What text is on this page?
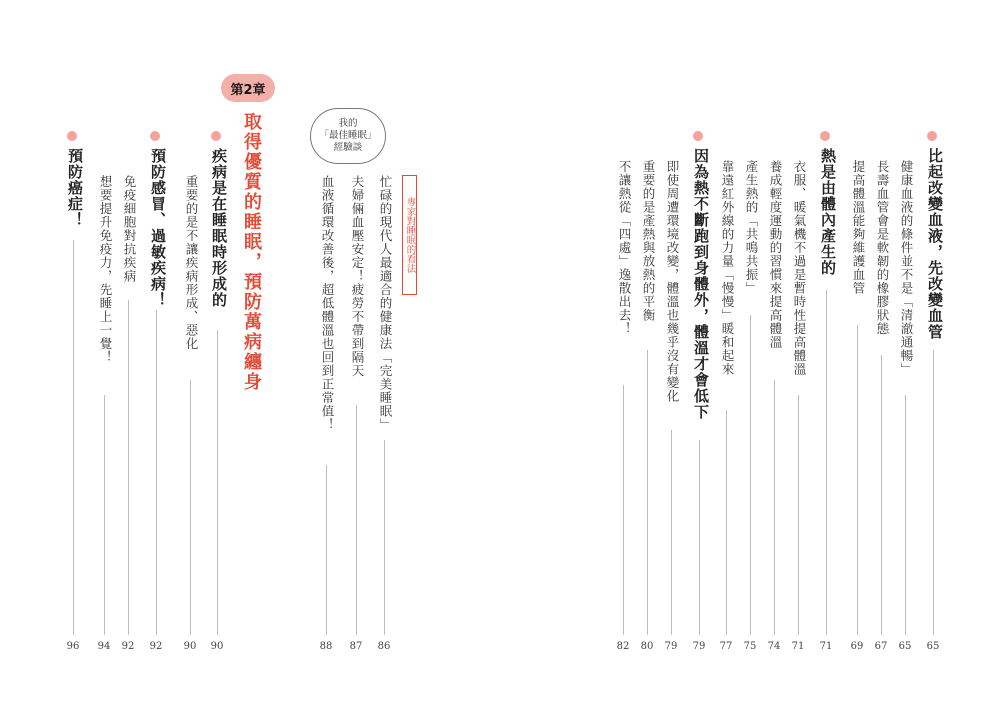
比起改變血液，先改變血管
65
健康血液的條件並不是「清澈通暢」
65
長壽血管會是軟韌的橡膠狀態
67
提高體溫能夠維護血管
69
熱是由體內產生的
71
衣服、暖氣機不過是暫時性提高體溫
71
養成輕度運動的習慣來提高體溫
74
產生熱的「共鳴共振」
75
靠遠紅外線的力量「慢慢」暖和起來
77
因為熱不斷跑到身體外，體溫才會低下
79
即使周遭環境改變，體溫也幾乎沒有變化
79
重要的是產熱與放熱的平衡
80
不讓熱從「四處」逸散出去！
82
第2章
取得優質的睡眠，預防萬病纏身	我的
「最佳睡眠」
經驗談
專家對睡眠的看法
忙碌的現代人最適合的健康法「完美睡眠」
86
夫婦倆血壓安定！疲勞不帶到隔天
87
血液循環改善後，超低體溫也回到正常值！
88
疾病是在睡眠時形成的
90
重要的是不讓疾病形成、惡化
90
預防感冒、過敏疾病！
92
免疫細胞對抗疾病
92
想要提升免疫力，先睡上一覺！
94
預防癌症！
96
